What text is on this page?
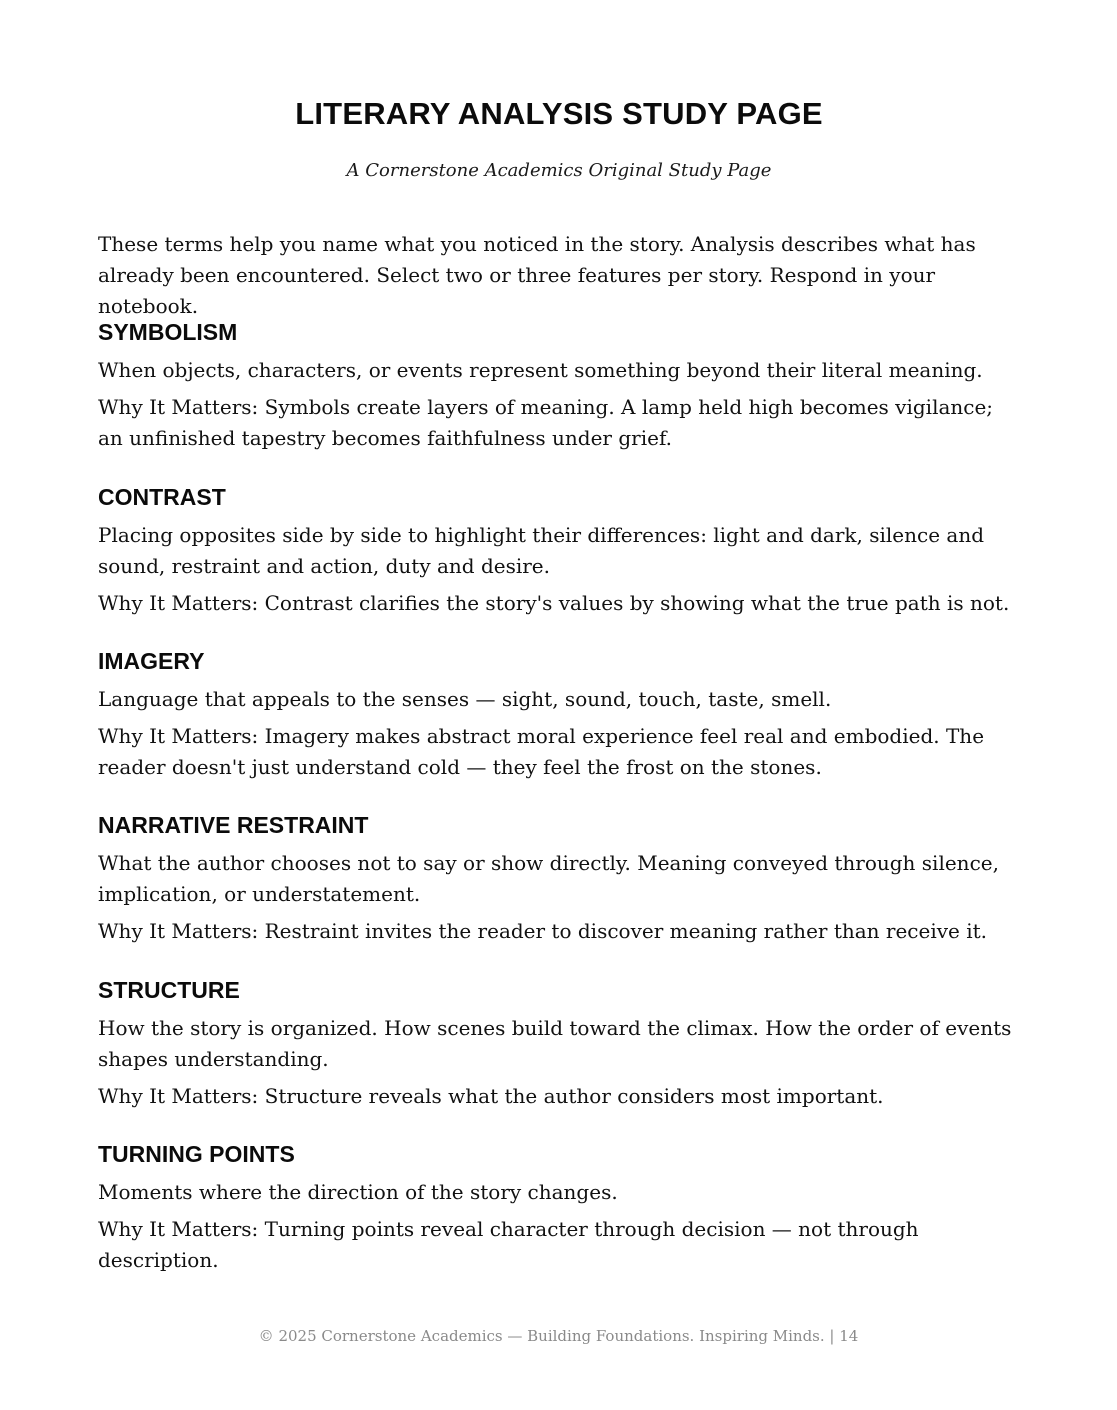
LITERARY ANALYSIS STUDY PAGE
A Cornerstone Academics Original Study Page

These terms help you name what you noticed in the story. Analysis describes what has already been encountered. Select two or three features per story. Respond in your notebook.

SYMBOLISM

When objects, characters, or events represent something beyond their literal meaning.

Why It Matters: Symbols create layers of meaning. A lamp held high becomes vigilance; an unfinished tapestry becomes faithfulness under grief.

CONTRAST

Placing opposites side by side to highlight their differences: light and dark, silence and sound, restraint and action, duty and desire.

Why It Matters: Contrast clarifies the story's values by showing what the true path is not.

IMAGERY

Language that appeals to the senses — sight, sound, touch, taste, smell.

Why It Matters: Imagery makes abstract moral experience feel real and embodied. The reader doesn't just understand cold — they feel the frost on the stones.

NARRATIVE RESTRAINT

What the author chooses not to say or show directly. Meaning conveyed through silence, implication, or understatement.

Why It Matters: Restraint invites the reader to discover meaning rather than receive it.

STRUCTURE

How the story is organized. How scenes build toward the climax. How the order of events shapes understanding.

Why It Matters: Structure reveals what the author considers most important.

TURNING POINTS

Moments where the direction of the story changes.

Why It Matters: Turning points reveal character through decision — not through description.

© 2025 Cornerstone Academics — Building Foundations. Inspiring Minds. | 14
